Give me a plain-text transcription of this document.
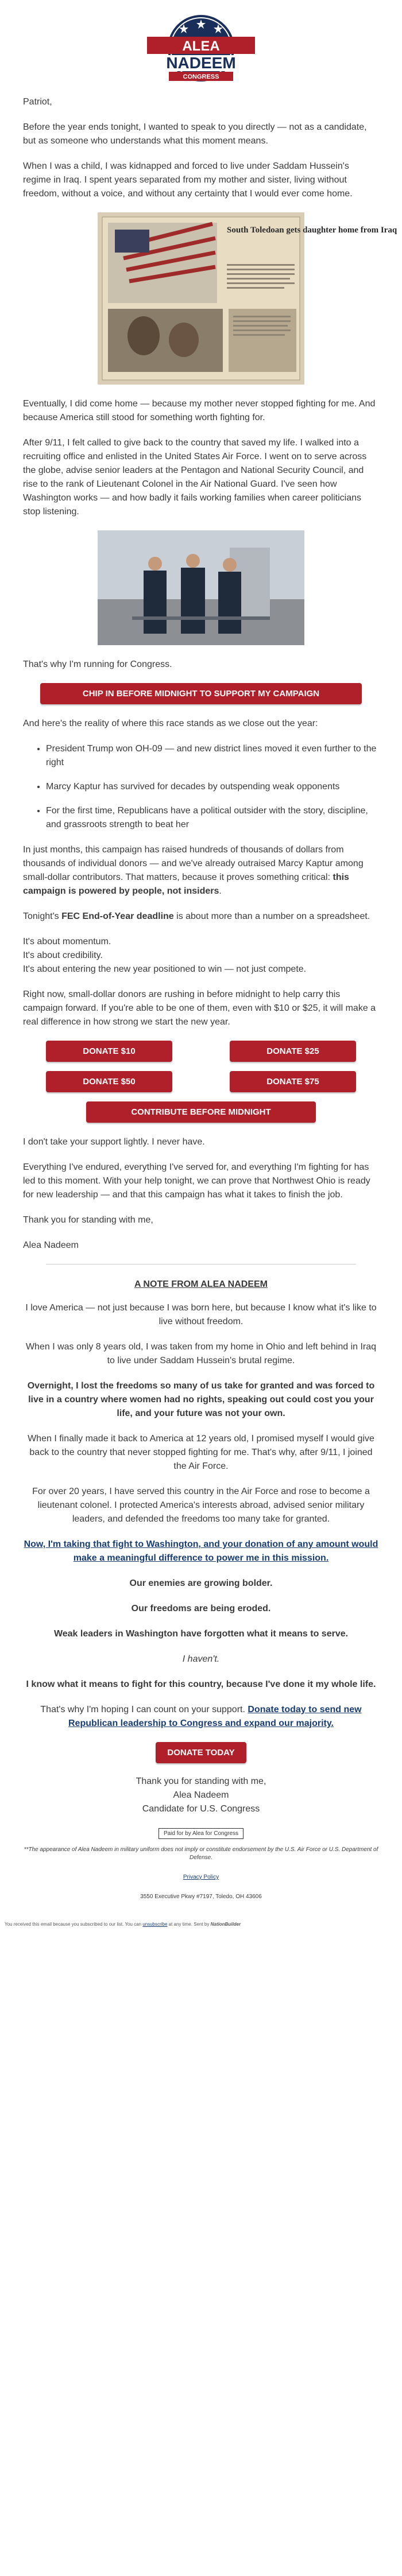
ALEA
NADEEM
CONGRESS

Patriot,

Before the year ends tonight, I wanted to speak to you directly — not as a candidate, but as someone who understands what this moment means.

When I was a child, I was kidnapped and forced to live under Saddam Hussein's regime in Iraq. I spent years separated from my mother and sister, living without freedom, without a voice, and without any certainty that I would ever come home.

South Toledoan gets daughter home from Iraq

Eventually, I did come home — because my mother never stopped fighting for me. And because America still stood for something worth fighting for.

After 9/11, I felt called to give back to the country that saved my life. I walked into a recruiting office and enlisted in the United States Air Force. I went on to serve across the globe, advise senior leaders at the Pentagon and National Security Council, and rise to the rank of Lieutenant Colonel in the Air National Guard. I've seen how Washington works — and how badly it fails working families when career politicians stop listening.

That's why I'm running for Congress.

CHIP IN BEFORE MIDNIGHT TO SUPPORT MY CAMPAIGN

And here's the reality of where this race stands as we close out the year:

• President Trump won OH-09 — and new district lines moved it even further to the right
• Marcy Kaptur has survived for decades by outspending weak opponents
• For the first time, Republicans have a political outsider with the story, discipline, and grassroots strength to beat her

In just months, this campaign has raised hundreds of thousands of dollars from thousands of individual donors — and we've already outraised Marcy Kaptur among small-dollar contributors. That matters, because it proves something critical: this campaign is powered by people, not insiders.

Tonight's FEC End-of-Year deadline is about more than a number on a spreadsheet.

It's about momentum.
It's about credibility.
It's about entering the new year positioned to win — not just compete.

Right now, small-dollar donors are rushing in before midnight to help carry this campaign forward. If you're able to be one of them, even with $10 or $25, it will make a real difference in how strong we start the new year.

DONATE $10	DONATE $25
DONATE $50	DONATE $75
CONTRIBUTE BEFORE MIDNIGHT

I don't take your support lightly. I never have.

Everything I've endured, everything I've served for, and everything I'm fighting for has led to this moment. With your help tonight, we can prove that Northwest Ohio is ready for new leadership — and that this campaign has what it takes to finish the job.

Thank you for standing with me,

Alea Nadeem

A NOTE FROM ALEA NADEEM

I love America — not just because I was born here, but because I know what it's like to live without freedom.

When I was only 8 years old, I was taken from my home in Ohio and left behind in Iraq to live under Saddam Hussein's brutal regime.

Overnight, I lost the freedoms so many of us take for granted and was forced to live in a country where women had no rights, speaking out could cost you your life, and your future was not your own.

When I finally made it back to America at 12 years old, I promised myself I would give back to the country that never stopped fighting for me. That's why, after 9/11, I joined the Air Force.

For over 20 years, I have served this country in the Air Force and rose to become a lieutenant colonel. I protected America's interests abroad, advised senior military leaders, and defended the freedoms too many take for granted.

Now, I'm taking that fight to Washington, and your donation of any amount would make a meaningful difference to power me in this mission.

Our enemies are growing bolder.

Our freedoms are being eroded.

Weak leaders in Washington have forgotten what it means to serve.

I haven't.

I know what it means to fight for this country, because I've done it my whole life.

That's why I'm hoping I can count on your support. Donate today to send new Republican leadership to Congress and expand our majority.

DONATE TODAY

Thank you for standing with me,
Alea Nadeem
Candidate for U.S. Congress

Paid for by Alea for Congress

**The appearance of Alea Nadeem in military uniform does not imply or constitute endorsement by the U.S. Air Force or U.S. Department of Defense.

Privacy Policy

3550 Executive Pkwy #7197, Toledo, OH 43606

You received this email because you subscribed to our list. You can unsubscribe at any time. Sent by NationBuilder
